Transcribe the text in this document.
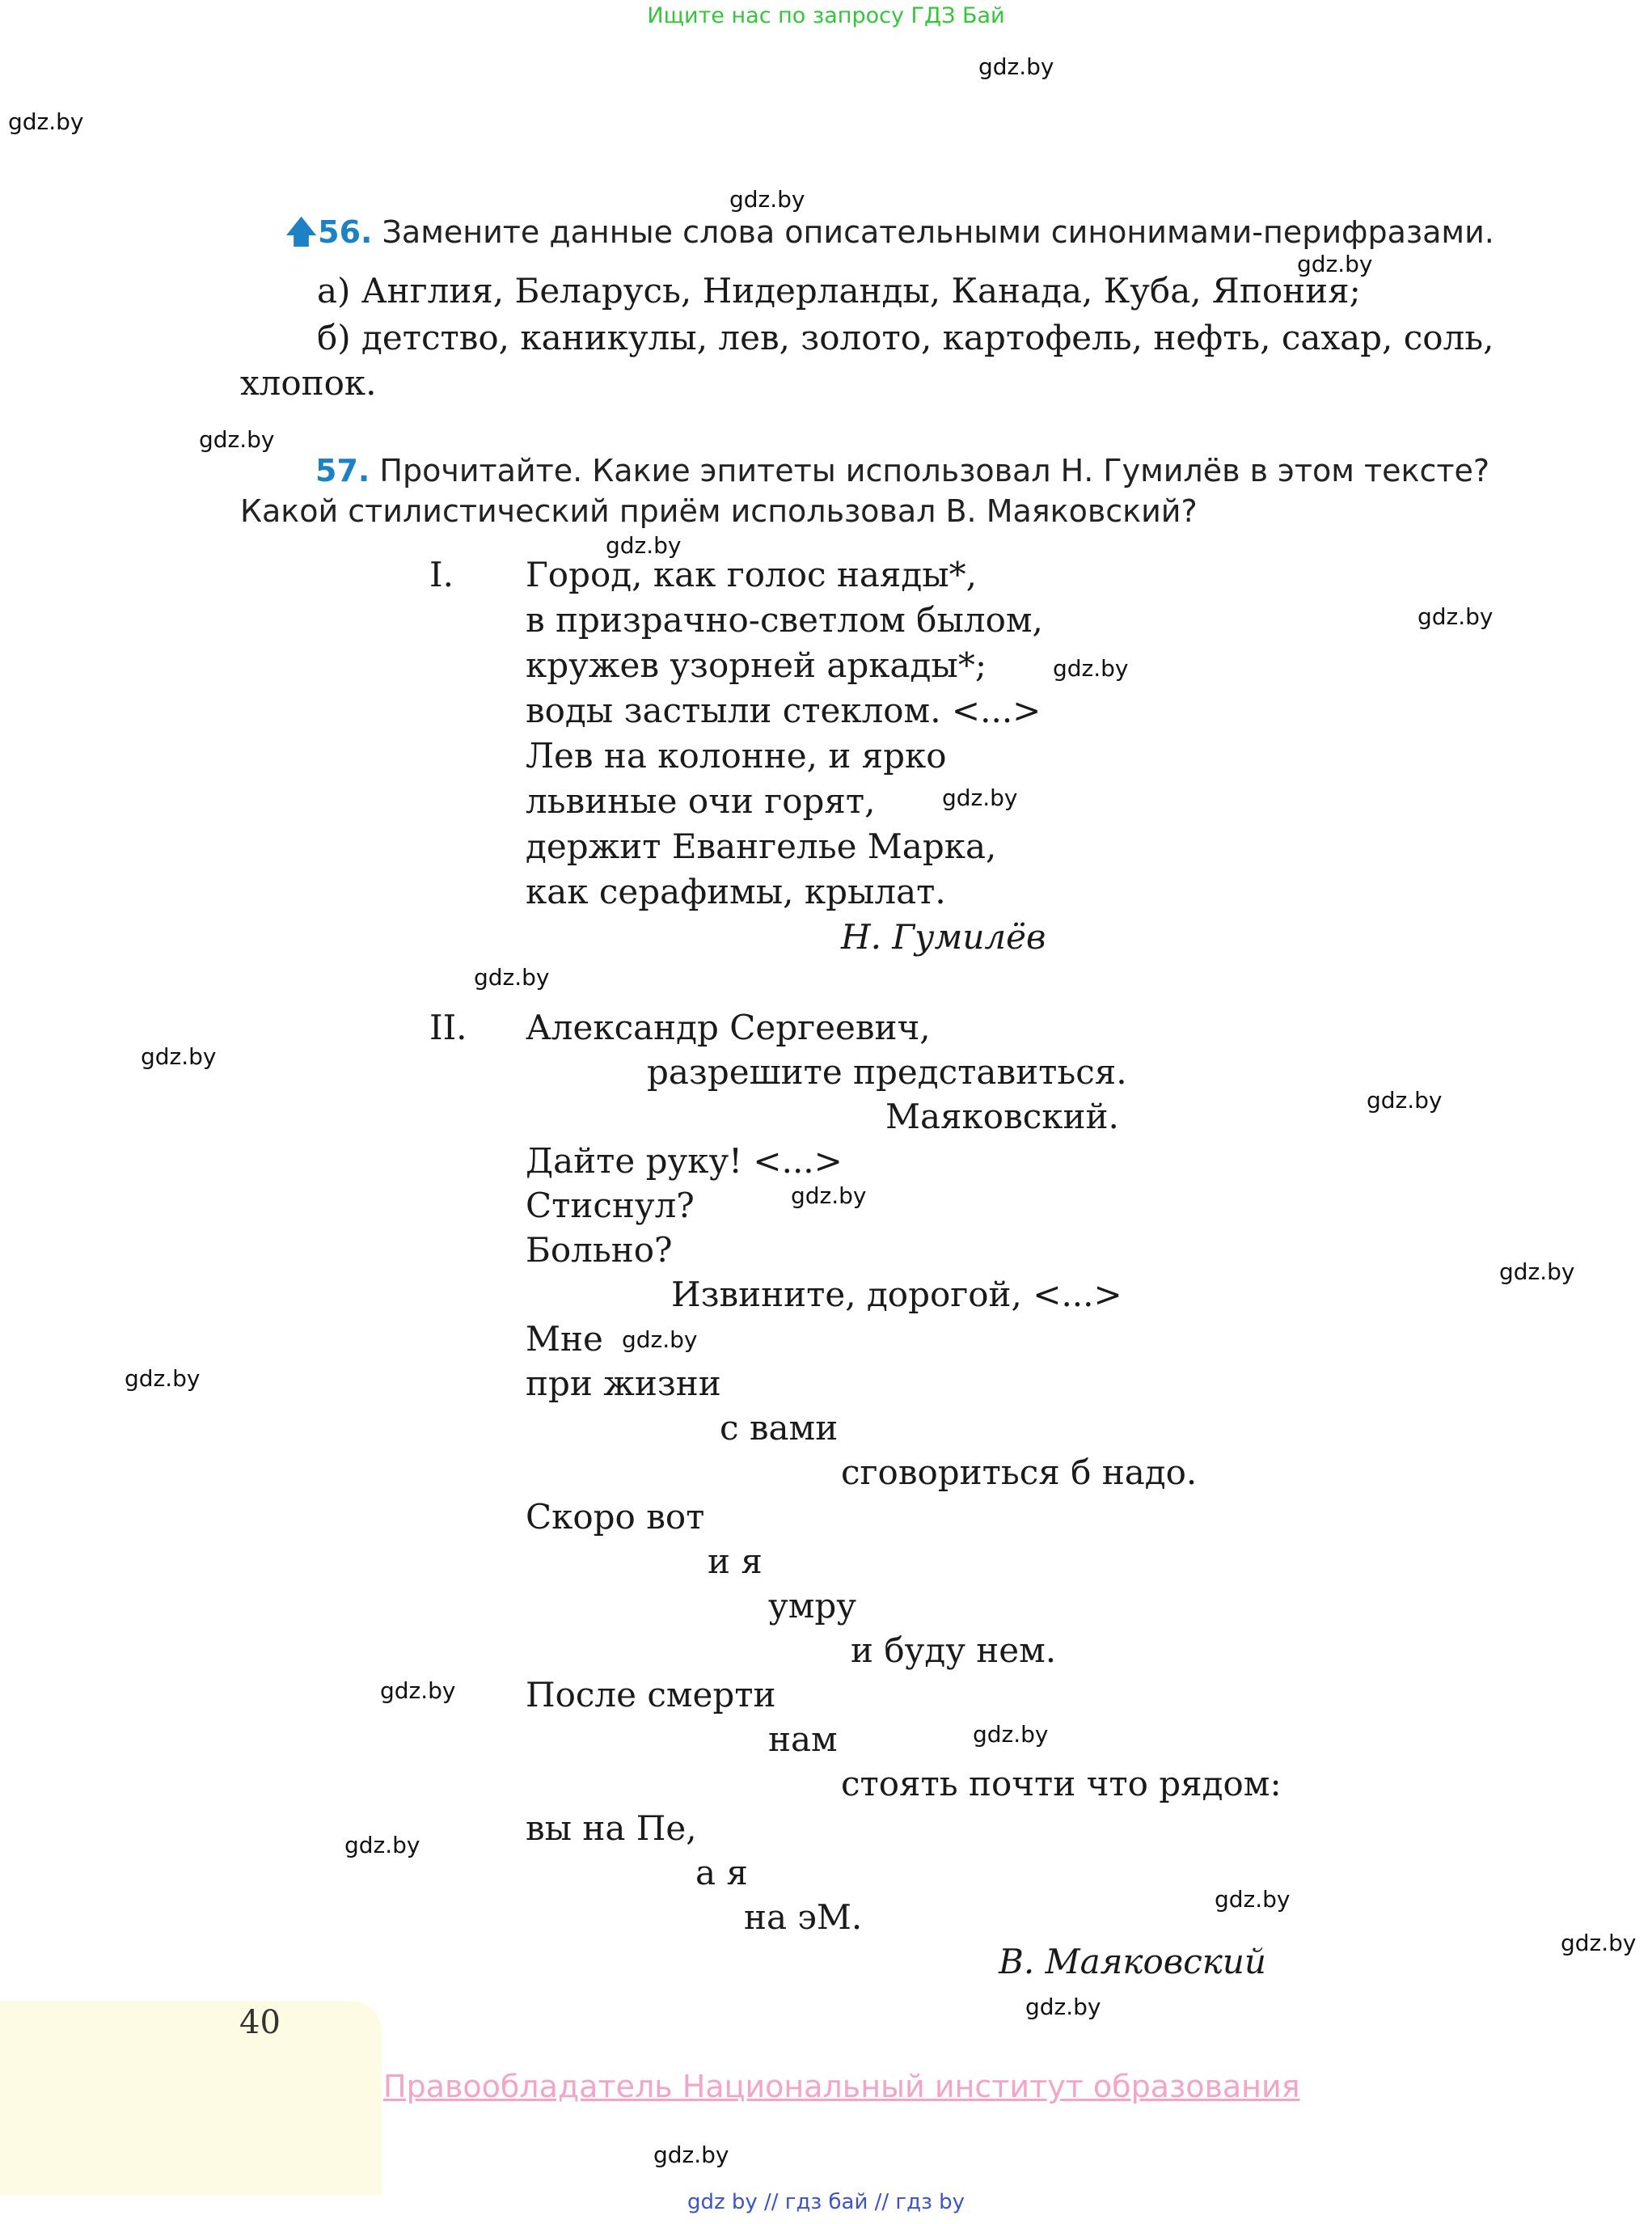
Ищите нас по запросу ГДЗ Бай
gdz.by
gdz.by
gdz.by
gdz.by
gdz.by
gdz.by
gdz.by
gdz.by
gdz.by
gdz.by
gdz.by
gdz.by
gdz.by
gdz.by
gdz.by
gdz.by
gdz.by
gdz.by
gdz.by
gdz.by
gdz.by
gdz.by
gdz.by
🡅56. Замените данные слова описательными синонимами-перифразами.
а) Англия, Беларусь, Нидерланды, Канада, Куба, Япония;
б) детство, каникулы, лев, золото, картофель, нефть, сахар, соль,
хлопок.
57. Прочитайте. Какие эпитеты использовал Н. Гумилёв в этом тексте?
Какой стилистический приём использовал В. Маяковский?
I. Город, как голос наяды*,
в призрачно-светлом былом,
кружев узорней аркады*;
воды застыли стеклом. <...>
Лев на колонне, и ярко
львиные очи горят,
держит Евангелье Марка,
как серафимы, крылат.
Н. Гумилёв
II. Александр Сергеевич,
разрешите представиться.
Маяковский.
Дайте руку! <...>
Стиснул?
Больно?
Извините, дорогой, <...>
Мне
при жизни
с вами
сговориться б надо.
Скоро вот
и я
умру
и буду нем.
После смерти
нам
стоять почти что рядом:
вы на Пе,
а я
на эМ.
В. Маяковский
40
Правообладатель Национальный институт образования
gdz by // гдз бай // гдз by
